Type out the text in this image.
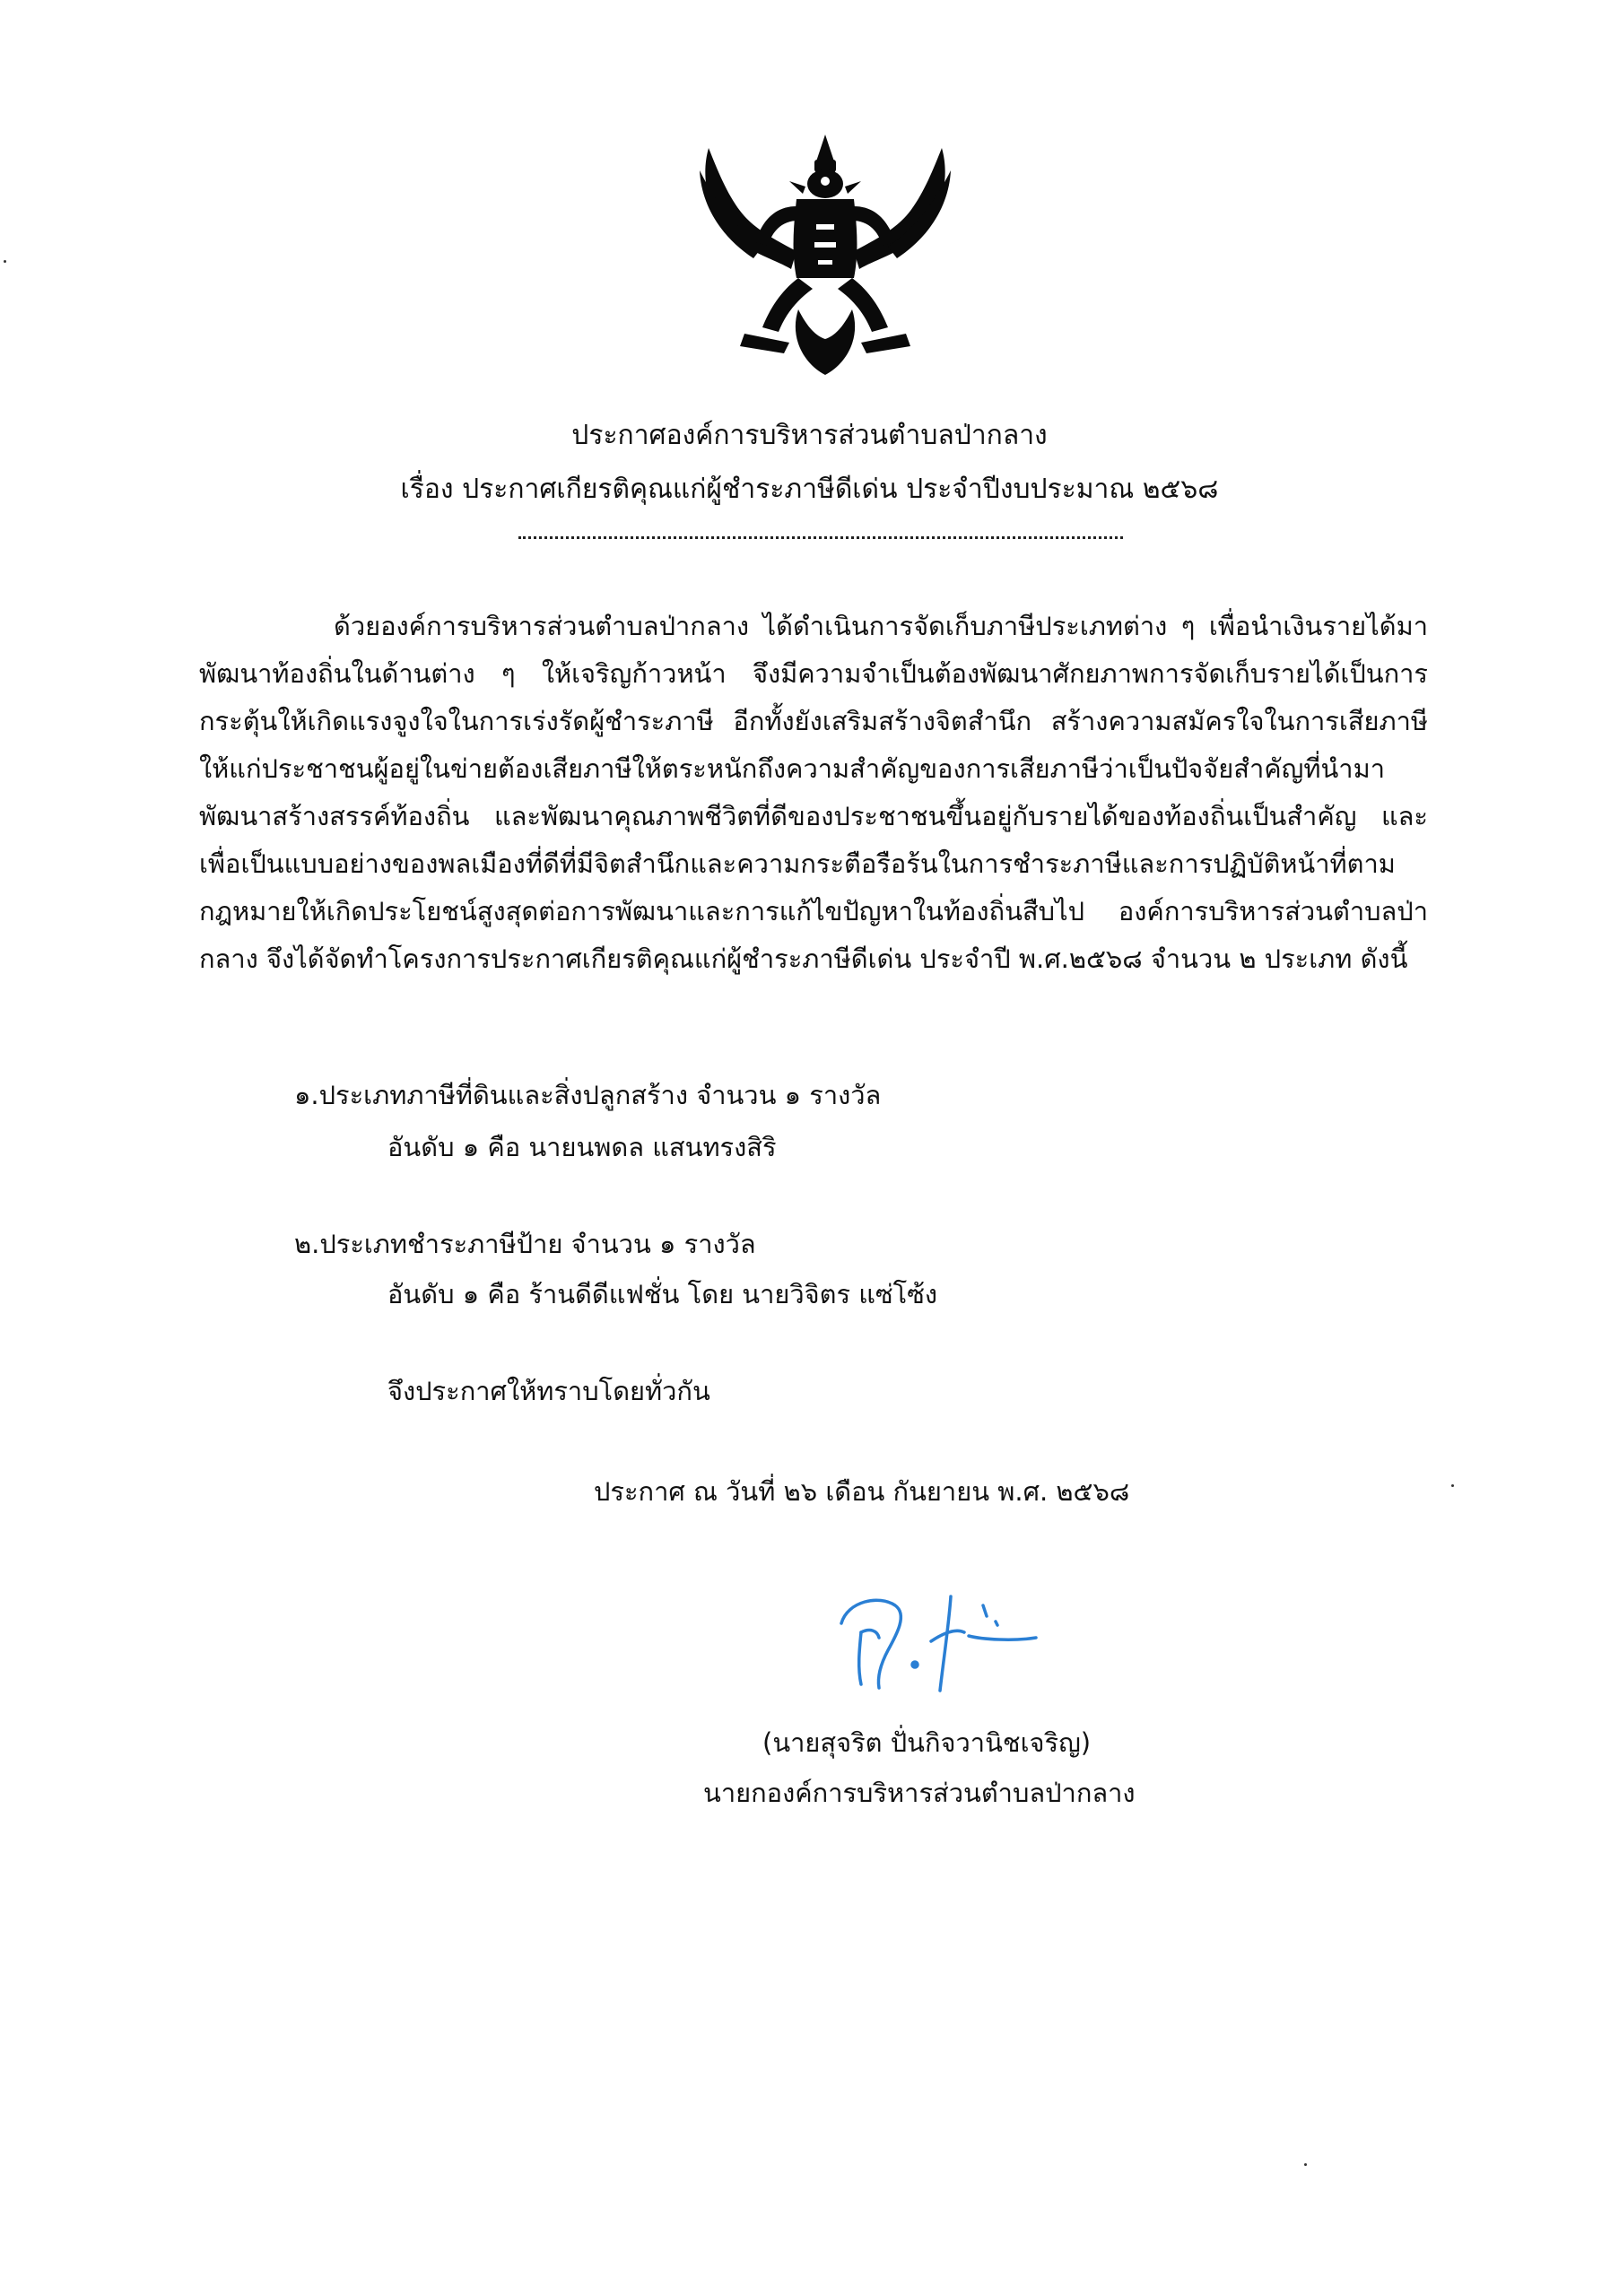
ประกาศองค์การบริหารส่วนตำบลป่ากลาง
เรื่อง ประกาศเกียรติคุณแก่ผู้ชำระภาษีดีเด่น ประจำปีงบประมาณ ๒๕๖๘
ด้วยองค์การบริหารส่วนตำบลป่ากลาง ได้ดำเนินการจัดเก็บภาษีประเภทต่าง ๆ เพื่อนำเงินรายได้มาพัฒนาท้องถิ่นในด้านต่าง ๆ ให้เจริญก้าวหน้า จึงมีความจำเป็นต้องพัฒนาศักยภาพการจัดเก็บรายได้เป็นการกระตุ้นให้เกิดแรงจูงใจในการเร่งรัดผู้ชำระภาษี อีกทั้งยังเสริมสร้างจิตสำนึก สร้างความสมัครใจในการเสียภาษีให้แก่ประชาชนผู้อยู่ในข่ายต้องเสียภาษีให้ตระหนักถึงความสำคัญของการเสียภาษีว่าเป็นปัจจัยสำคัญที่นำมา พัฒนาสร้างสรรค์ท้องถิ่น และพัฒนาคุณภาพชีวิตที่ดีของประชาชนขึ้นอยู่กับรายได้ของท้องถิ่นเป็นสำคัญ และเพื่อเป็นแบบอย่างของพลเมืองที่ดีที่มีจิตสำนึกและความกระตือรือร้นในการชำระภาษีและการปฏิบัติหน้าที่ตามกฎหมายให้เกิดประโยชน์สูงสุดต่อการพัฒนาและการแก้ไขปัญหาในท้องถิ่นสืบไป องค์การบริหารส่วนตำบลป่ากลาง จึงได้จัดทำโครงการประกาศเกียรติคุณแก่ผู้ชำระภาษีดีเด่น ประจำปี พ.ศ.๒๕๖๘ จำนวน ๒ ประเภท ดังนี้
๑.ประเภทภาษีที่ดินและสิ่งปลูกสร้าง จำนวน ๑ รางวัล
อันดับ ๑ คือ นายนพดล แสนทรงสิริ
๒.ประเภทชำระภาษีป้าย จำนวน ๑ รางวัล
อันดับ ๑ คือ ร้านดีดีแฟชั่น โดย นายวิจิตร แซ่โซ้ง
จึงประกาศให้ทราบโดยทั่วกัน
ประกาศ ณ วันที่ ๒๖ เดือน กันยายน พ.ศ. ๒๕๖๘
(นายสุจริต ปั่นกิจวานิชเจริญ)
นายกองค์การบริหารส่วนตำบลป่ากลาง
